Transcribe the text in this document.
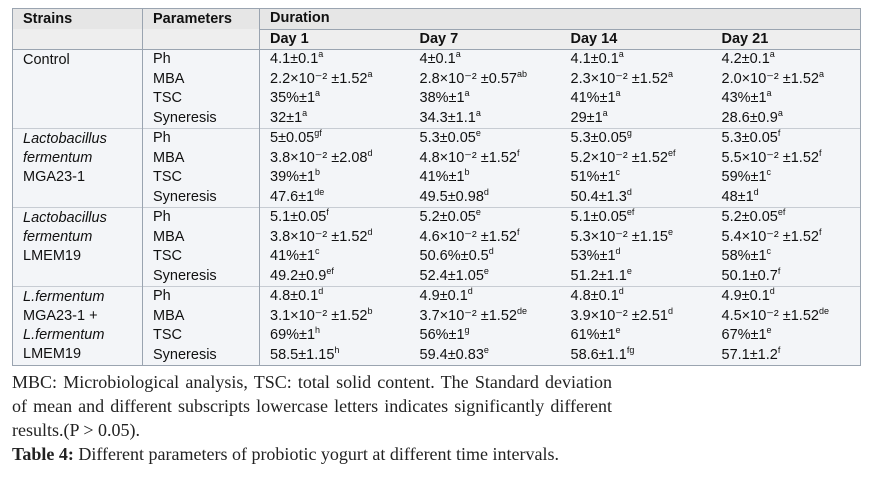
Strains	Parameters	Duration			
		Day 1	Day 7	Day 14	Day 21
Control	Ph	4.1±0.1$^a$	4±0.1$^a$	4.1±0.1$^a$	4.2±0.1$^a$
	MBA	2.2×10⁻² ±1.52$^a$	2.8×10⁻² ±0.57$^{ab}$	2.3×10⁻² ±1.52$^a$	2.0×10⁻² ±1.52$^a$
	TSC	$35\%\pm 1^a$	$38\%\pm 1^a$	$41\%\pm 1^a$	$43\%\pm 1^a$
	Syneresis	$32\pm 1^a$	34.3±1.1$^a$	$29\pm 1^a$	28.6±0.9$^a$
Lactobacillus
fermentum
MGA23-1	Ph	5±0.05$^{gf}$	5.3±0.05$^e$	5.3±0.05$^g$	5.3±0.05$^f$
	MBA	3.8×10⁻² ±2.08$^d$	4.8×10⁻² ±1.52$^f$	5.2×10⁻² ±1.52$^{ef}$	5.5×10⁻² ±1.52$^f$
	TSC	$39\%\pm 1^b$	$41\%\pm 1^b$	$51\%\pm 1^c$	$59\%\pm 1^c$
	Syneresis	47.6±1de	49.5±0.98$^d$	50.4±1.3$^d$	$48\pm 1^d$
Lactobacillus
fermentum
LMEM19	Ph	5.1±0.05$^f$	5.2±0.05$^e$	5.1±0.05$^{ef}$	5.2±0.05$^{ef}$
	MBA	3.8×10⁻² ±1.52$^d$	4.6×10⁻² ±1.52$^f$	5.3×10⁻² ±1.15$^e$	5.4×10⁻² ±1.52$^f$
	TSC	$41\%\pm 1^c$	50.6%±0.5$^d$	$53\%\pm 1^d$	$58\%\pm 1^c$
	Syneresis	49.2±0.9$^{ef}$	52.4±1.05$^e$	51.2±1.1$^e$	50.1±0.7$^f$
L.fermentum
MGA23-1 +
L.fermentum
LMEM19	Ph	4.8±0.1$^d$	4.9±0.1$^d$	4.8±0.1$^d$	4.9±0.1$^d$
	MBA	3.1×10⁻² ±1.52$^b$	3.7×10⁻² ±1.52de	3.9×10⁻² ±2.51$^d$	4.5×10⁻² ±1.52de
	TSC	$69\%\pm 1^h$	$56\%\pm 1^g$	$61\%\pm 1^e$	$67\%\pm 1^e$
	Syneresis	58.5±1.15$^h$	59.4±0.83$^e$	58.6±1.1$^{fg}$	57.1±1.2$^f$
MBC: Microbiological analysis, TSC: total solid content. The Standard deviation of mean and different subscripts lowercase letters indicates significantly different results.(P > 0.05).
Table 4: Different parameters of probiotic yogurt at different time intervals.
